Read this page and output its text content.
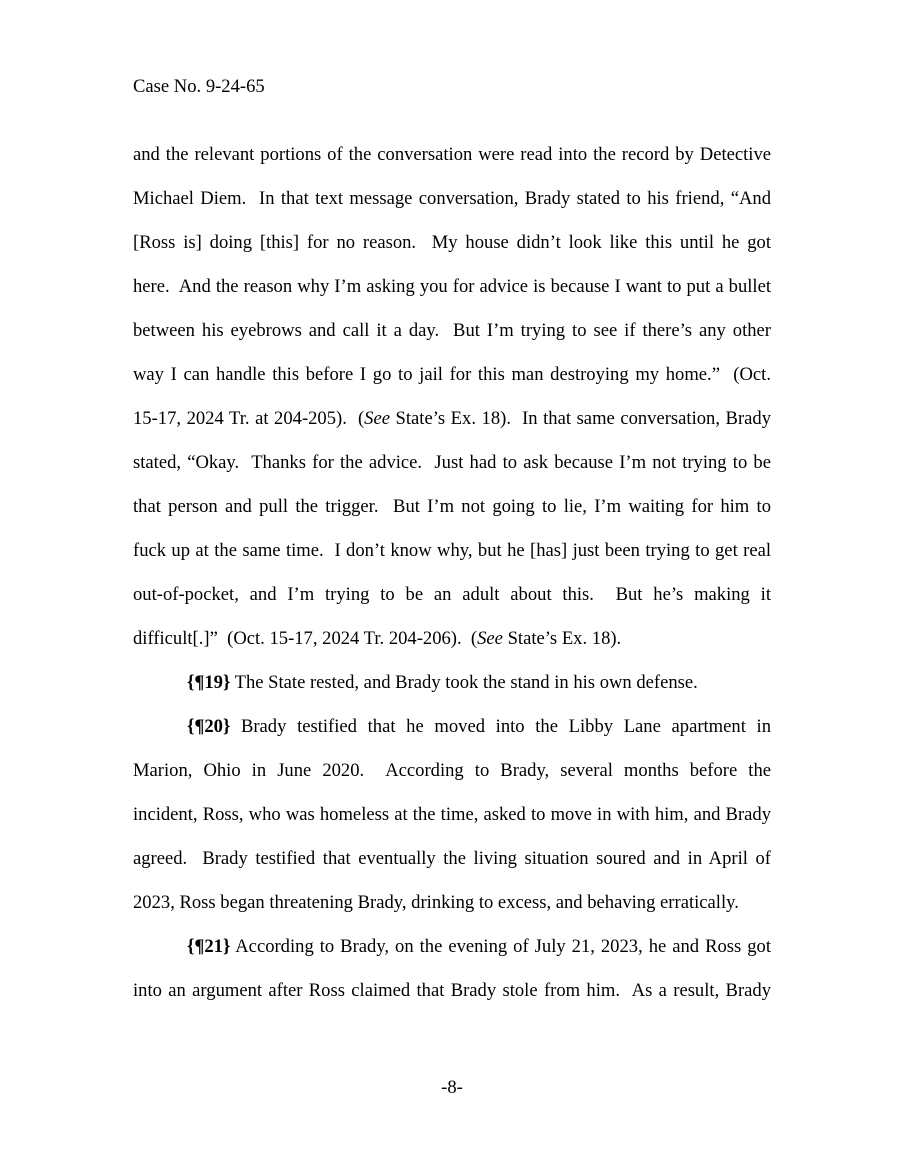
Case No. 9-24-65
and the relevant portions of the conversation were read into the record by Detective
Michael Diem.  In that text message conversation, Brady stated to his friend, “And
[Ross is] doing [this] for no reason.  My house didn’t look like this until he got
here.  And the reason why I’m asking you for advice is because I want to put a bullet
between his eyebrows and call it a day.  But I’m trying to see if there’s any other
way I can handle this before I go to jail for this man destroying my home.”  (Oct.
15-17, 2024 Tr. at 204-205).  (See State’s Ex. 18).  In that same conversation, Brady
stated, “Okay.  Thanks for the advice.  Just had to ask because I’m not trying to be
that person and pull the trigger.  But I’m not going to lie, I’m waiting for him to
fuck up at the same time.  I don’t know why, but he [has] just been trying to get real
out-of-pocket, and I’m trying to be an adult about this.  But he’s making it
difficult[.]”  (Oct. 15-17, 2024 Tr. 204-206).  (See State’s Ex. 18).
{¶19} The State rested, and Brady took the stand in his own defense.
{¶20} Brady testified that he moved into the Libby Lane apartment in
Marion, Ohio in June 2020.  According to Brady, several months before the
incident, Ross, who was homeless at the time, asked to move in with him, and Brady
agreed.  Brady testified that eventually the living situation soured and in April of
2023, Ross began threatening Brady, drinking to excess, and behaving erratically.
{¶21} According to Brady, on the evening of July 21, 2023, he and Ross got
into an argument after Ross claimed that Brady stole from him.  As a result, Brady
-8-
